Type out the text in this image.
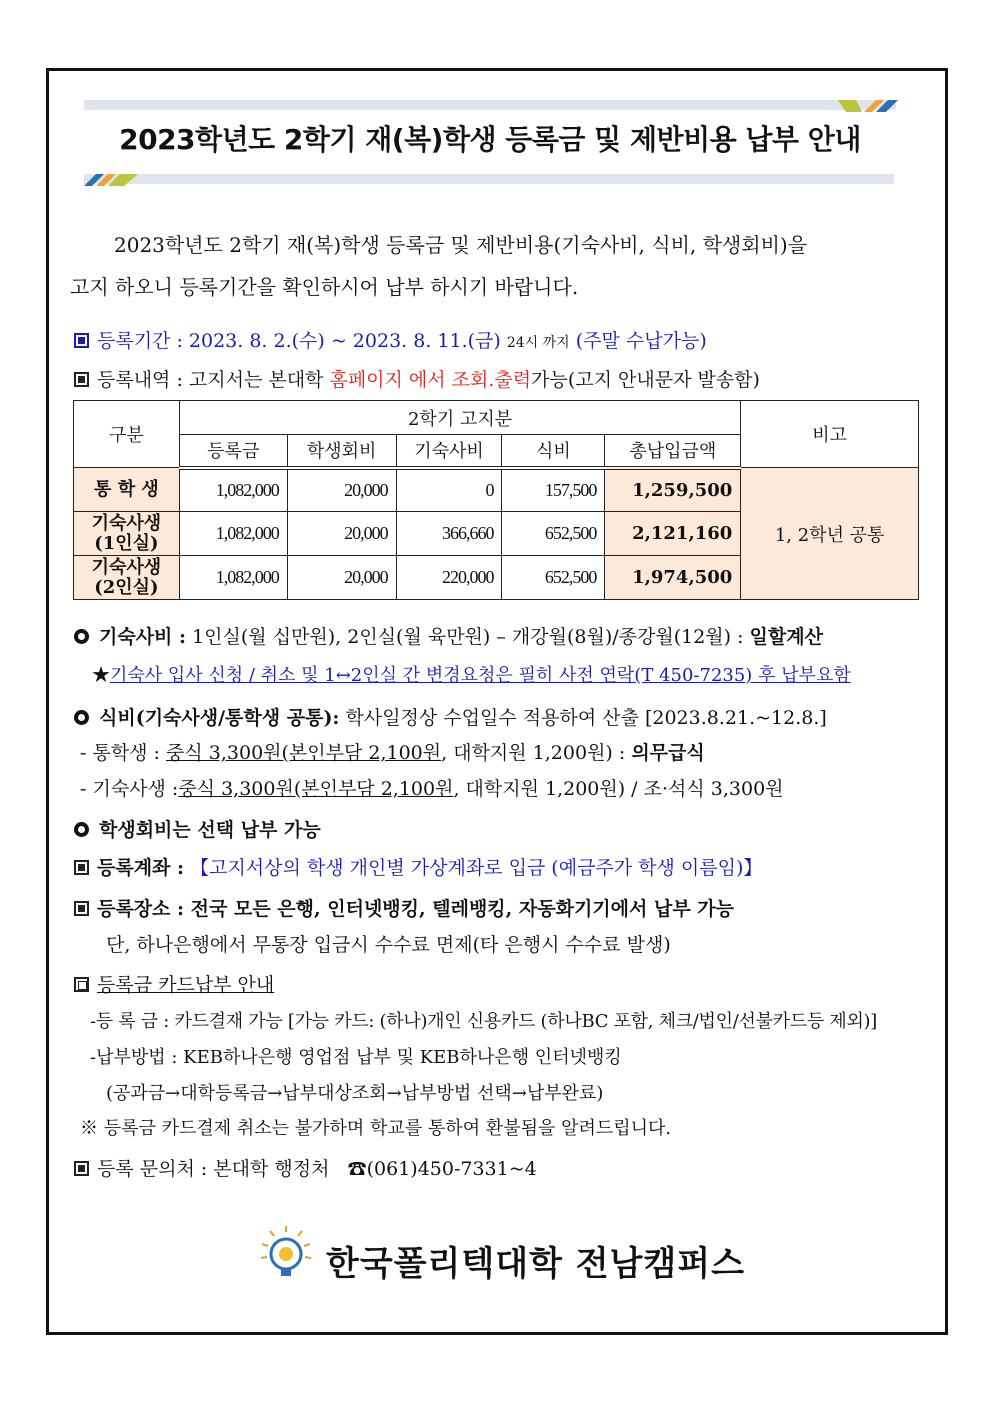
2023학년도 2학기 재(복)학생 등록금 및 제반비용 납부 안내
2023학년도 2학기 재(복)학생 등록금 및 제반비용(기숙사비, 식비, 학생회비)을
고지 하오니 등록기간을 확인하시어 납부 하시기 바랍니다.
등록기간 : 2023. 8. 2.(수) ~ 2023. 8. 11.(금) 24시 까지 (주말 수납가능)
등록내역 : 고지서는 본대학 홈페이지 에서 조회.출력가능(고지 안내문자 발송함)
구분	2학기 고지분					비고
	등록금	학생회비	기숙사비	식비	총납입금액	
통 학 생	1,082,000	20,000	0	157,500	1,259,500	1, 2학년 공통

기숙사생
(1인실)	1,082,000	20,000	366,660	652,500	2,121,160	

기숙사생
(2인실)	1,082,000	20,000	220,000	652,500	1,974,500	
기숙사비 : 1인실(월 십만원), 2인실(월 육만원) – 개강월(8월)/종강월(12월) : 일할계산
★기숙사 입사 신청 / 취소 및 1↔2인실 간 변경요청은 필히 사전 연락(T 450-7235) 후 납부요함
식비(기숙사생/통학생 공통): 학사일정상 수업일수 적용하여 산출 [2023.8.21.~12.8.]
- 통학생 : 중식 3,300원(본인부담 2,100원, 대학지원 1,200원) : 의무급식
- 기숙사생 :중식 3,300원(본인부담 2,100원, 대학지원 1,200원) / 조·석식 3,300원
학생회비는 선택 납부 가능
등록계좌 : 【고지서상의 학생 개인별 가상계좌로 입금 (예금주가 학생 이름임)】
등록장소 : 전국 모든 은행, 인터넷뱅킹, 텔레뱅킹, 자동화기기에서 납부 가능
단, 하나은행에서 무통장 입금시 수수료 면제(타 은행시 수수료 발생)
등록금 카드납부 안내
-등 록 금 : 카드결재 가능 [가능 카드: (하나)개인 신용카드 (하나BC 포함, 체크/법인/선불카드등 제외)]
-납부방법 : KEB하나은행 영업점 납부 및 KEB하나은행 인터넷뱅킹
(공과금→대학등록금→납부대상조회→납부방법 선택→납부완료)
※ 등록금 카드결제 취소는 불가하며 학교를 통하여 환불됨을 알려드립니다.
등록 문의처 : 본대학 행정처 ☎(061)450-7331~4
한국폴리텍대학 전남캠퍼스
